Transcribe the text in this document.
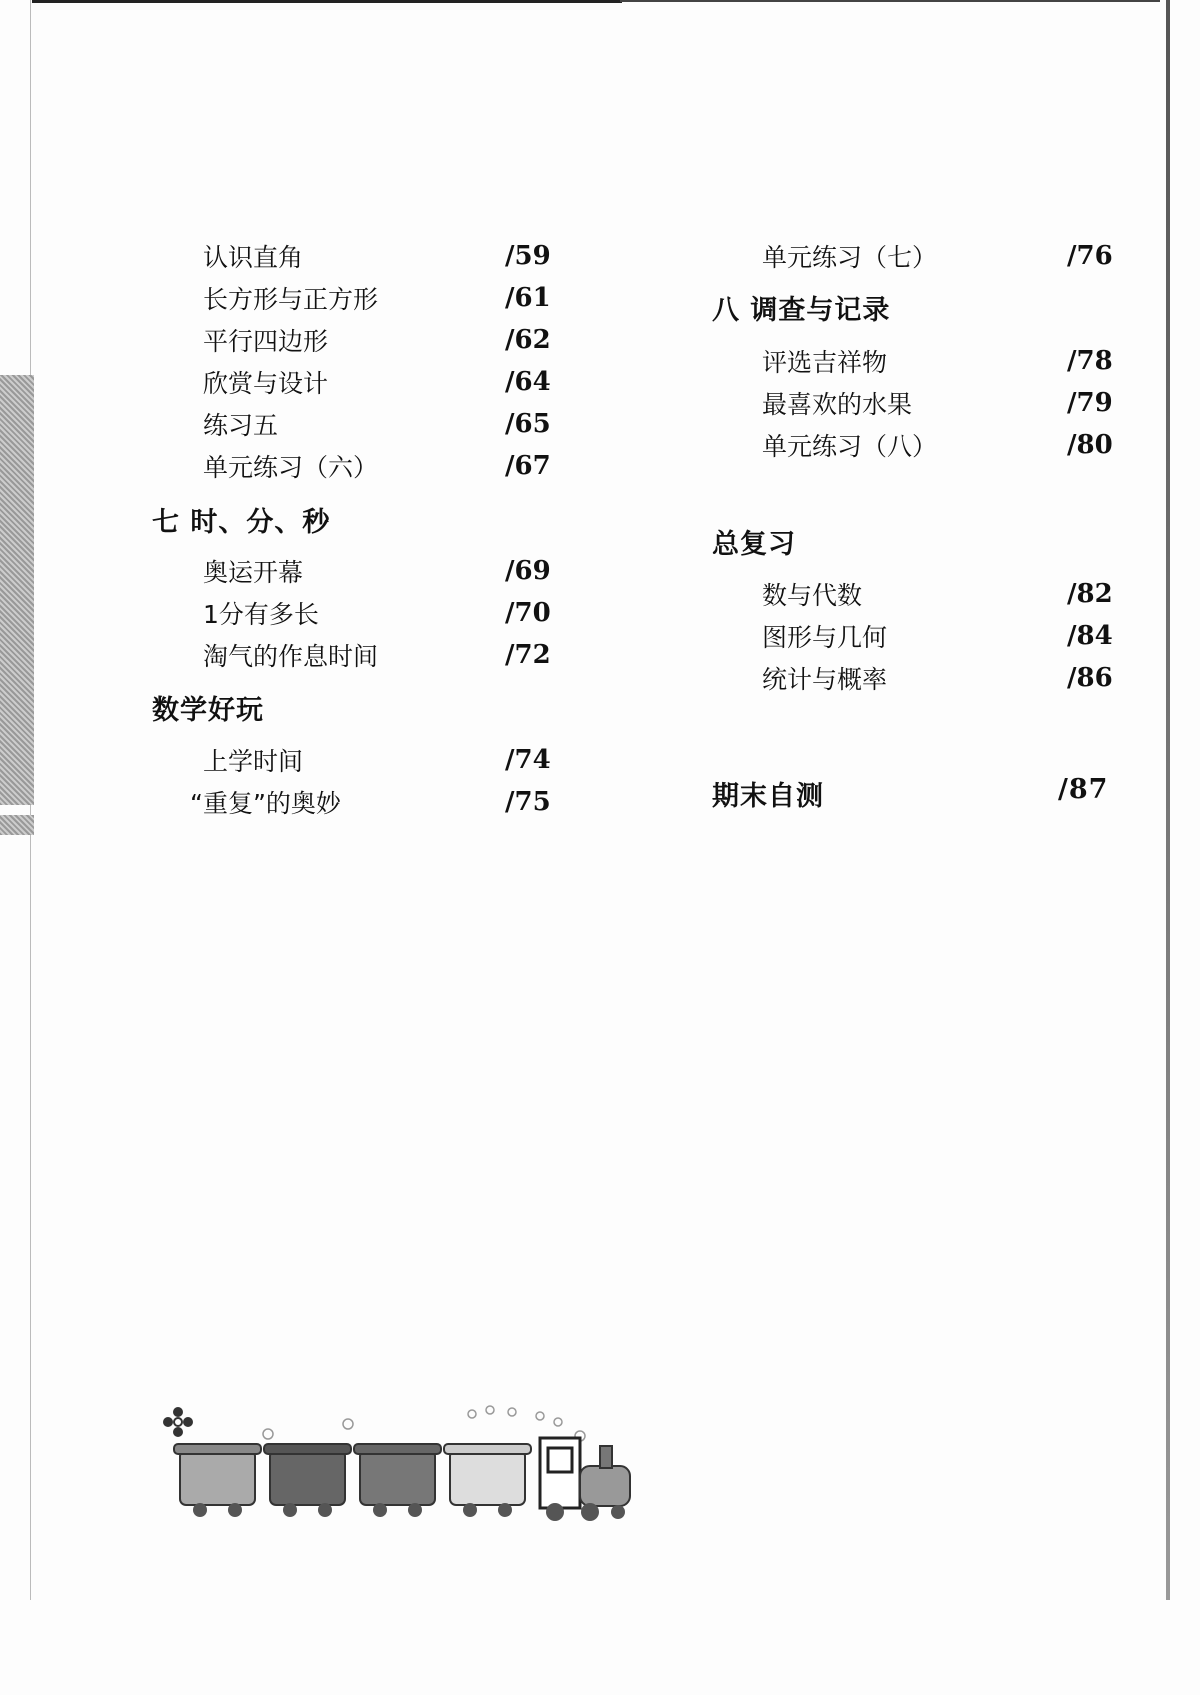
认识直角	/59
长方形与正方形	/61
平行四边形	/62
欣赏与设计	/64
练习五	/65
单元练习（六）	/67
七 时、分、秒
奥运开幕	/69
1分有多长	/70
淘气的作息时间	/72
数学好玩
上学时间	/74
“重复”的奥妙	/75
单元练习（七）	/76
八 调查与记录
评选吉祥物	/78
最喜欢的水果	/79
单元练习（八）	/80
总复习
数与代数	/82
图形与几何	/84
统计与概率	/86
期末自测	/87
